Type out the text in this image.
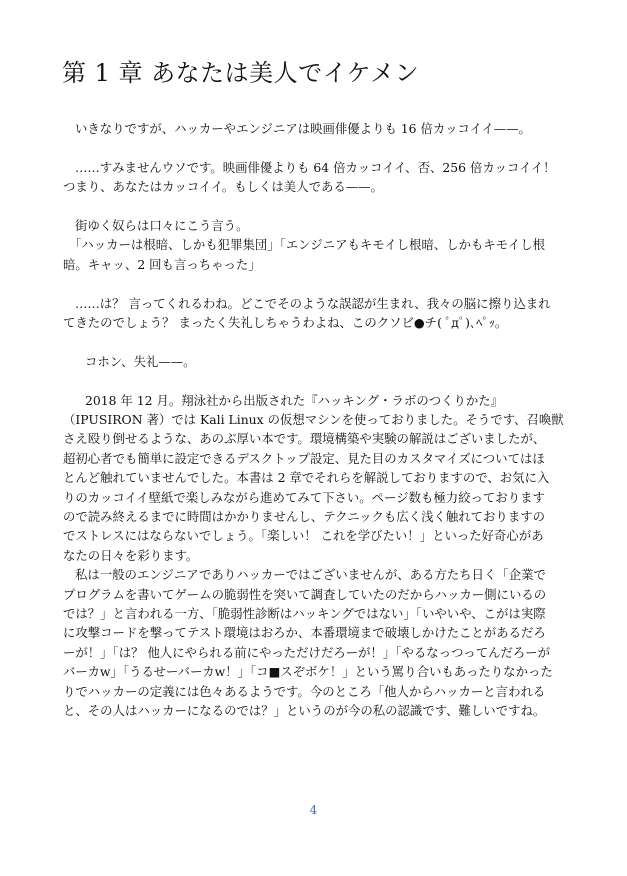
第 1 章 あなたは美人でイケメン

いきなりですが、ハッカーやエンジニアは映画俳優よりも 16 倍カッコイイ——。

……すみませんウソです。映画俳優よりも 64 倍カッコイイ、否、256 倍カッコイイ！

つまり、あなたはカッコイイ。もしくは美人である——。

街ゆく奴らは口々にこう言う。

「ハッカーは根暗、しかも犯罪集団」「エンジニアもキモイし根暗、しかもキモイし根

暗。キャッ、2 回も言っちゃった」

……は？ 言ってくれるわね。どこでそのような誤認が生まれ、我々の脳に擦り込まれ

てきたのでしょう？ まったく失礼しちゃうわよね、このクソビ●チ( ﾟдﾟ)､ﾍﾟｯ。

コホン、失礼——。

2018 年 12 月。翔泳社から出版された『ハッキング・ラボのつくりかた』

（IPUSIRON 著）では Kali Linux の仮想マシンを使っておりました。そうです、召喚獣

さえ殴り倒せるような、あのぶ厚い本です。環境構築や実験の解説はございましたが、

超初心者でも簡単に設定できるデスクトップ設定、見た目のカスタマイズについてはほ

とんど触れていませんでした。本書は 2 章でそれらを解説しておりますので、お気に入

りのカッコイイ壁紙で楽しみながら進めてみて下さい。ページ数も極力絞っております

ので読み終えるまでに時間はかかりませんし、テクニックも広く浅く触れておりますの

でストレスにはならないでしょう。「楽しい！ これを学びたい！」といった好奇心があ

なたの日々を彩ります。

私は一般のエンジニアでありハッカーではございませんが、ある方たち日く「企業で

プログラムを書いてゲームの脆弱性を突いて調査していたのだからハッカー側にいるの

では？」と言われる一方、「脆弱性診断はハッキングではない」「いやいや、こがは実際

に攻撃コードを撃ってテスト環境はおろか、本番環境まで破壊しかけたことがあるだろ

ーが！」「は？ 他人にやられる前にやっただけだろーが！」「やるなっつってんだろーが

バーカw」「うるせーバーカw！」「コ■スぞボケ！」という罵り合いもあったりなかった

りでハッカーの定義には色々あるようです。今のところ「他人からハッカーと言われる

と、その人はハッカーになるのでは？」というのが今の私の認識です、難しいですね。

4
